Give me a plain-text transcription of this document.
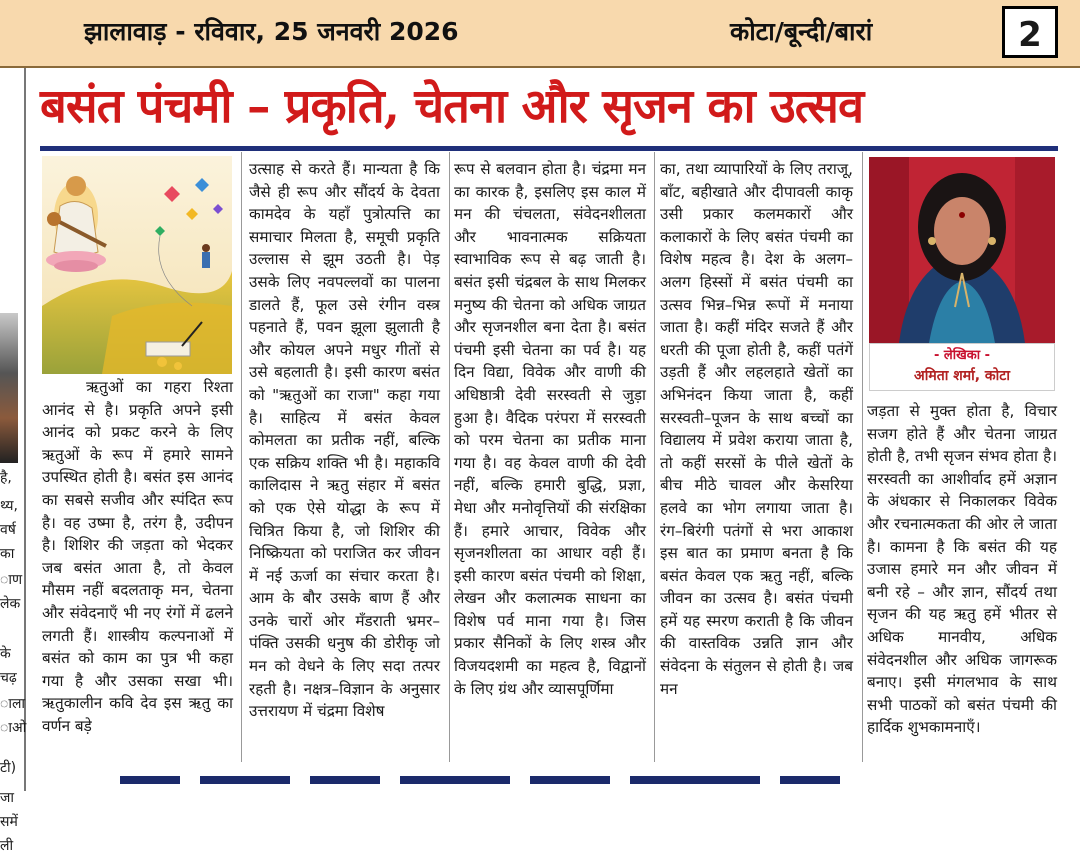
झालावाड़ - रविवार, 25 जनवरी 2026	कोटा/बून्दी/बारां	2
है,
थ्य,
वर्ष
का
ाण
लेक
के
चढ़
ाला
ाओ
टी)
जा
समें
ली
बसंत पंचमी – प्रकृति, चेतना और सृजन का उत्सव
ऋतुओं का गहरा रिश्ता आनंद से है। प्रकृति अपने इसी आनंद को प्रकट करने के लिए ऋतुओं के रूप में हमारे सामने उपस्थित होती है। बसंत इस आनंद का सबसे सजीव और स्पंदित रूप है। वह उष्मा है, तरंग है, उदीपन है। शिशिर की जड़ता को भेदकर जब बसंत आता है, तो केवल मौसम नहीं बदलताकृ मन, चेतना और संवेदनाएँ भी नए रंगों में ढलने लगती हैं। शास्त्रीय कल्पनाओं में बसंत को काम का पुत्र भी कहा गया है और उसका सखा भी। ऋतुकालीन कवि देव इस ऋतु का वर्णन बड़े
उत्साह से करते हैं। मान्यता है कि जैसे ही रूप और सौंदर्य के देवता कामदेव के यहाँ पुत्रोत्पत्ति का समाचार मिलता है, समूची प्रकृति उल्लास से झूम उठती है। पेड़ उसके लिए नवपल्लवों का पालना डालते हैं, फूल उसे रंगीन वस्त्र पहनाते हैं, पवन झूला झुलाती है और कोयल अपने मधुर गीतों से उसे बहलाती है। इसी कारण बसंत को "ऋतुओं का राजा" कहा गया है। साहित्य में बसंत केवल कोमलता का प्रतीक नहीं, बल्कि एक सक्रिय शक्ति भी है। महाकवि कालिदास ने ऋतु संहार में बसंत को एक ऐसे योद्धा के रूप में चित्रित किया है, जो शिशिर की निष्क्रियता को पराजित कर जीवन में नई ऊर्जा का संचार करता है। आम के बौर उसके बाण हैं और उनके चारों ओर मँडराती भ्रमर–पंक्ति उसकी धनुष की डोरीकृ जो मन को वेधने के लिए सदा तत्पर रहती है। नक्षत्र–विज्ञान के अनुसार उत्तरायण में चंद्रमा विशेष
रूप से बलवान होता है। चंद्रमा मन का कारक है, इसलिए इस काल में मन की चंचलता, संवेदनशीलता और भावनात्मक सक्रियता स्वाभाविक रूप से बढ़ जाती है। बसंत इसी चंद्रबल के साथ मिलकर मनुष्य की चेतना को अधिक जाग्रत और सृजनशील बना देता है। बसंत पंचमी इसी चेतना का पर्व है। यह दिन विद्या, विवेक और वाणी की अधिष्ठात्री देवी सरस्वती से जुड़ा हुआ है। वैदिक परंपरा में सरस्वती को परम चेतना का प्रतीक माना गया है। वह केवल वाणी की देवी नहीं, बल्कि हमारी बुद्धि, प्रज्ञा, मेधा और मनोवृत्तियों की संरक्षिका हैं। हमारे आचार, विवेक और सृजनशीलता का आधार वही हैं। इसी कारण बसंत पंचमी को शिक्षा, लेखन और कलात्मक साधना का विशेष पर्व माना गया है। जिस प्रकार सैनिकों के लिए शस्त्र और विजयदशमी का महत्व है, विद्वानों के लिए ग्रंथ और व्यासपूर्णिमा
का, तथा व्यापारियों के लिए तराजू, बाँट, बहीखाते और दीपावली काकृ उसी प्रकार कलमकारों और कलाकारों के लिए बसंत पंचमी का विशेष महत्व है। देश के अलग–अलग हिस्सों में बसंत पंचमी का उत्सव भिन्न–भिन्न रूपों में मनाया जाता है। कहीं मंदिर सजते हैं और धरती की पूजा होती है, कहीं पतंगें उड़ती हैं और लहलहाते खेतों का अभिनंदन किया जाता है, कहीं सरस्वती–पूजन के साथ बच्चों का विद्यालय में प्रवेश कराया जाता है, तो कहीं सरसों के पीले खेतों के बीच मीठे चावल और केसरिया हलवे का भोग लगाया जाता है। रंग–बिरंगी पतंगों से भरा आकाश इस बात का प्रमाण बनता है कि बसंत केवल एक ऋतु नहीं, बल्कि जीवन का उत्सव है। बसंत पंचमी हमें यह स्मरण कराती है कि जीवन की वास्तविक उन्नति ज्ञान और संवेदना के संतुलन से होती है। जब मन
- लेखिका -
अमिता शर्मा, कोटा
जड़ता से मुक्त होता है, विचार सजग होते हैं और चेतना जाग्रत होती है, तभी सृजन संभव होता है। सरस्वती का आशीर्वाद हमें अज्ञान के अंधकार से निकालकर विवेक और रचनात्मकता की ओर ले जाता है। कामना है कि बसंत की यह उजास हमारे मन और जीवन में बनी रहे – और ज्ञान, सौंदर्य तथा सृजन की यह ऋतु हमें भीतर से अधिक मानवीय, अधिक संवेदनशील और अधिक जागरूक बनाए। इसी मंगलभाव के साथ सभी पाठकों को बसंत पंचमी की हार्दिक शुभकामनाएँ।
